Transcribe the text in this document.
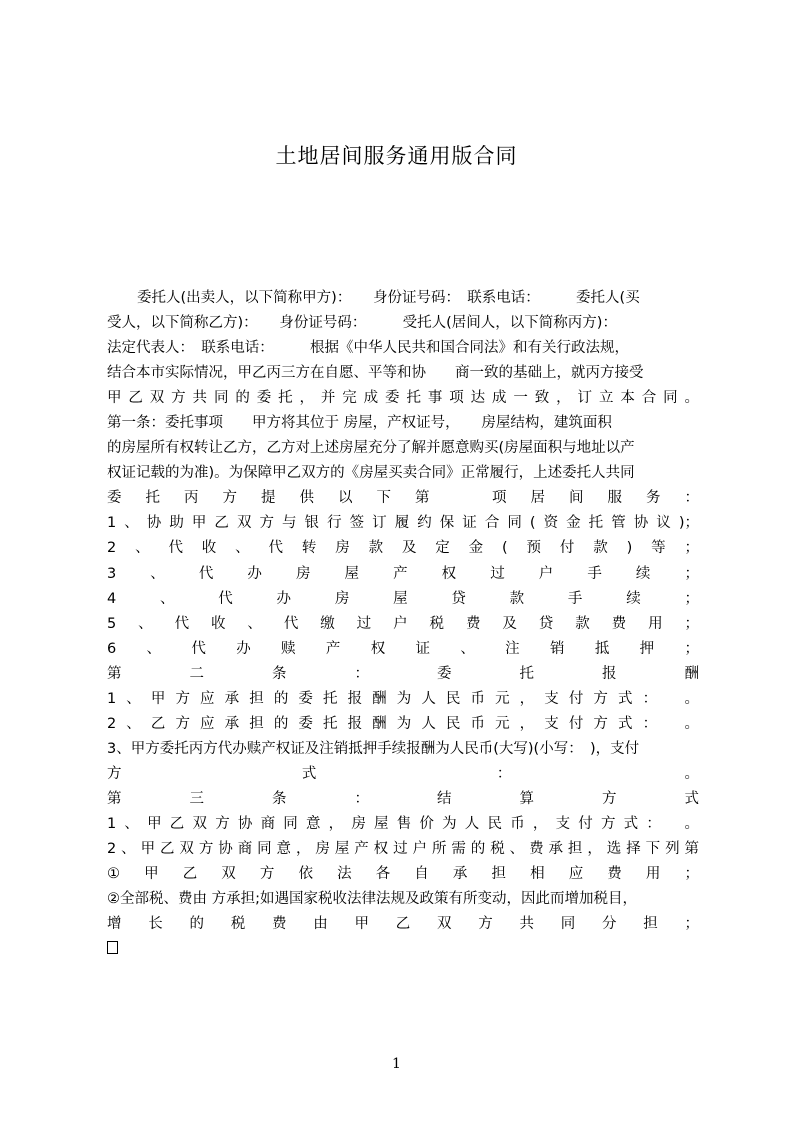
土地居间服务通用版合同
委托人(出卖人，以下简称甲方)：　　身份证号码：　联系电话：　　　委托人(买
受人，以下简称乙方)：　　身份证号码：　　　受托人(居间人，以下简称丙方)：
法定代表人：　联系电话：　　　根据《中华人民共和国合同法》和有关行政法规，
结合本市实际情况，甲乙丙三方在自愿、平等和协　　商一致的基础上，就丙方接受
甲乙双方共同的委托，并完成委托事项达成一致，订立本合同。
第一条：委托事项　　甲方将其位于 房屋，产权证号，　　房屋结构，建筑面积
的房屋所有权转让乙方，乙方对上述房屋充分了解并愿意购买(房屋面积与地址以产
权证记载的为准)。为保障甲乙双方的《房屋买卖合同》正常履行，上述委托人共同
委托丙方提供以下第　项居间服务：
1、协助甲乙双方与银行签订履约保证合同(资金托管协议)；
2、代收、代转房款及定金(预付款)等；
3、代办房屋产权过户手续；
4、代办房屋贷款手续；
5、代收、代缴过户税费及贷款费用；
6、代办赎产权证、注销抵押；
第二条：委托报酬
1、甲方应承担的委托报酬为人民币元，支付方式：　。
2、乙方应承担的委托报酬为人民币元，支付方式：　。
3、甲方委托丙方代办赎产权证及注销抵押手续报酬为人民币(大写)(小写：　)，支付
方式：。
第三条：结算方式
1、甲乙双方协商同意，房屋售价为人民币，支付方式：　。
2、甲乙双方协商同意，房屋产权过户所需的税、费承担，选择下列第
①甲乙双方依法各自承担相应费用；
②全部税、费由 方承担;如遇国家税收法律法规及政策有所变动，因此而增加税目，
增长的税费由甲乙双方共同分担；
1
